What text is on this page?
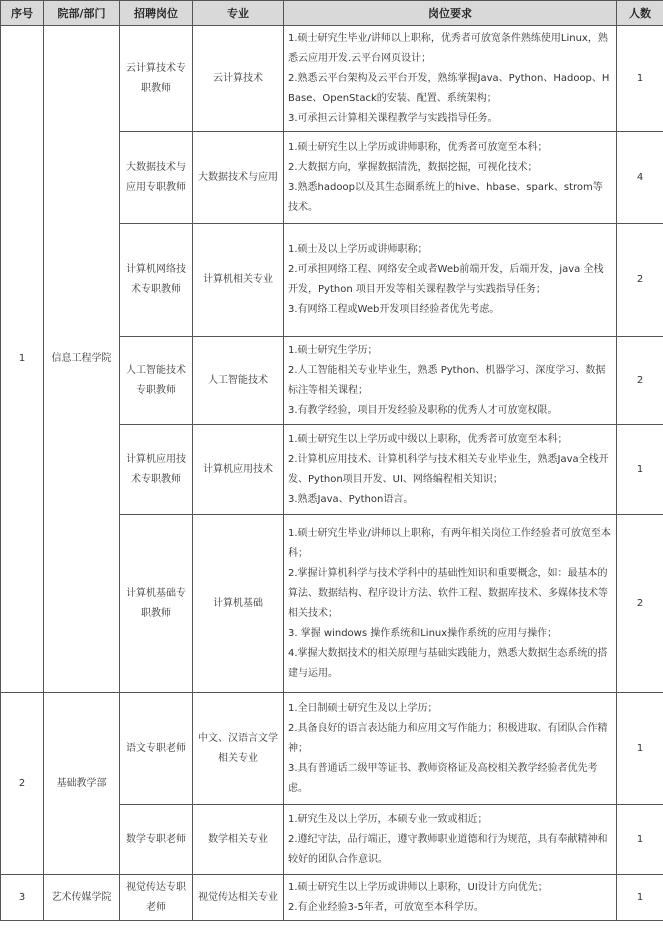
序号	院部/部门	招聘岗位	专业	岗位要求	人数
1	信息工程学院	云计算技术专职教师	云计算技术	1.硕士研究生毕业/讲师以上职称，优秀者可放宽条件熟练使用Linux，熟悉云应用开发.云平台网页设计；
2.熟悉云平台架构及云平台开发，熟练掌握Java、Python、Hadoop、HBase、OpenStack的安装、配置、系统架构；
3.可承担云计算相关课程教学与实践指导任务。	1
		大数据技术与应用专职教师	大数据技术与应用	1.硕士研究生以上学历或讲师职称，优秀者可放宽至本科；
2.大数据方向，掌握数据清洗，数据挖掘，可视化技术；
3.熟悉hadoop以及其生态圈系统上的hive、hbase、spark、strom等技术。	4
		计算机网络技术专职教师	计算机相关专业	1.硕士及以上学历或讲师职称；
2.可承担网络工程、网络安全或者Web前端开发，后端开发，java 全栈开发，Python 项目开发等相关课程教学与实践指导任务；
3.有网络工程或Web开发项目经验者优先考虑。	2
		人工智能技术专职教师	人工智能技术	1.硕士研究生学历；
2.人工智能相关专业毕业生，熟悉 Python、机器学习、深度学习、数据标注等相关课程；
3.有教学经验，项目开发经验及职称的优秀人才可放宽权限。	2
		计算机应用技术专职教师	计算机应用技术	1.硕士研究生以上学历或中级以上职称，优秀者可放宽至本科；
2.计算机应用技术、计算机科学与技术相关专业毕业生，熟悉Java全栈开发、Python项目开发、UI、网络编程相关知识；
3.熟悉Java、Python语言。	1
		计算机基础专职教师	计算机基础	1.硕士研究生毕业/讲师以上职称，有两年相关岗位工作经验者可放宽至本科；
2.掌握计算机科学与技术学科中的基础性知识和重要概念，如：最基本的算法、数据结构、程序设计方法、软件工程、数据库技术、多媒体技术等相关技术；
3. 掌握 windows 操作系统和Linux操作系统的应用与操作；
4.掌握大数据技术的相关原理与基础实践能力，熟悉大数据生态系统的搭建与运用。	2
2	基础教学部	语文专职老师	中文、汉语言文学相关专业	1.全日制硕士研究生及以上学历；
2.具备良好的语言表达能力和应用文写作能力；积极进取、有团队合作精神；
3.具有普通话二级甲等证书、教师资格证及高校相关教学经验者优先考虑。	1
		数学专职老师	数学相关专业	1.研究生及以上学历，本硕专业一致或相近；
2.遵纪守法，品行端正，遵守教师职业道德和行为规范，具有奉献精神和较好的团队合作意识。	1
3	艺术传媒学院	视觉传达专职老师	视觉传达相关专业	1.硕士研究生以上学历或讲师以上职称，UI设计方向优先；
2.有企业经验3-5年者，可放宽至本科学历。	1
